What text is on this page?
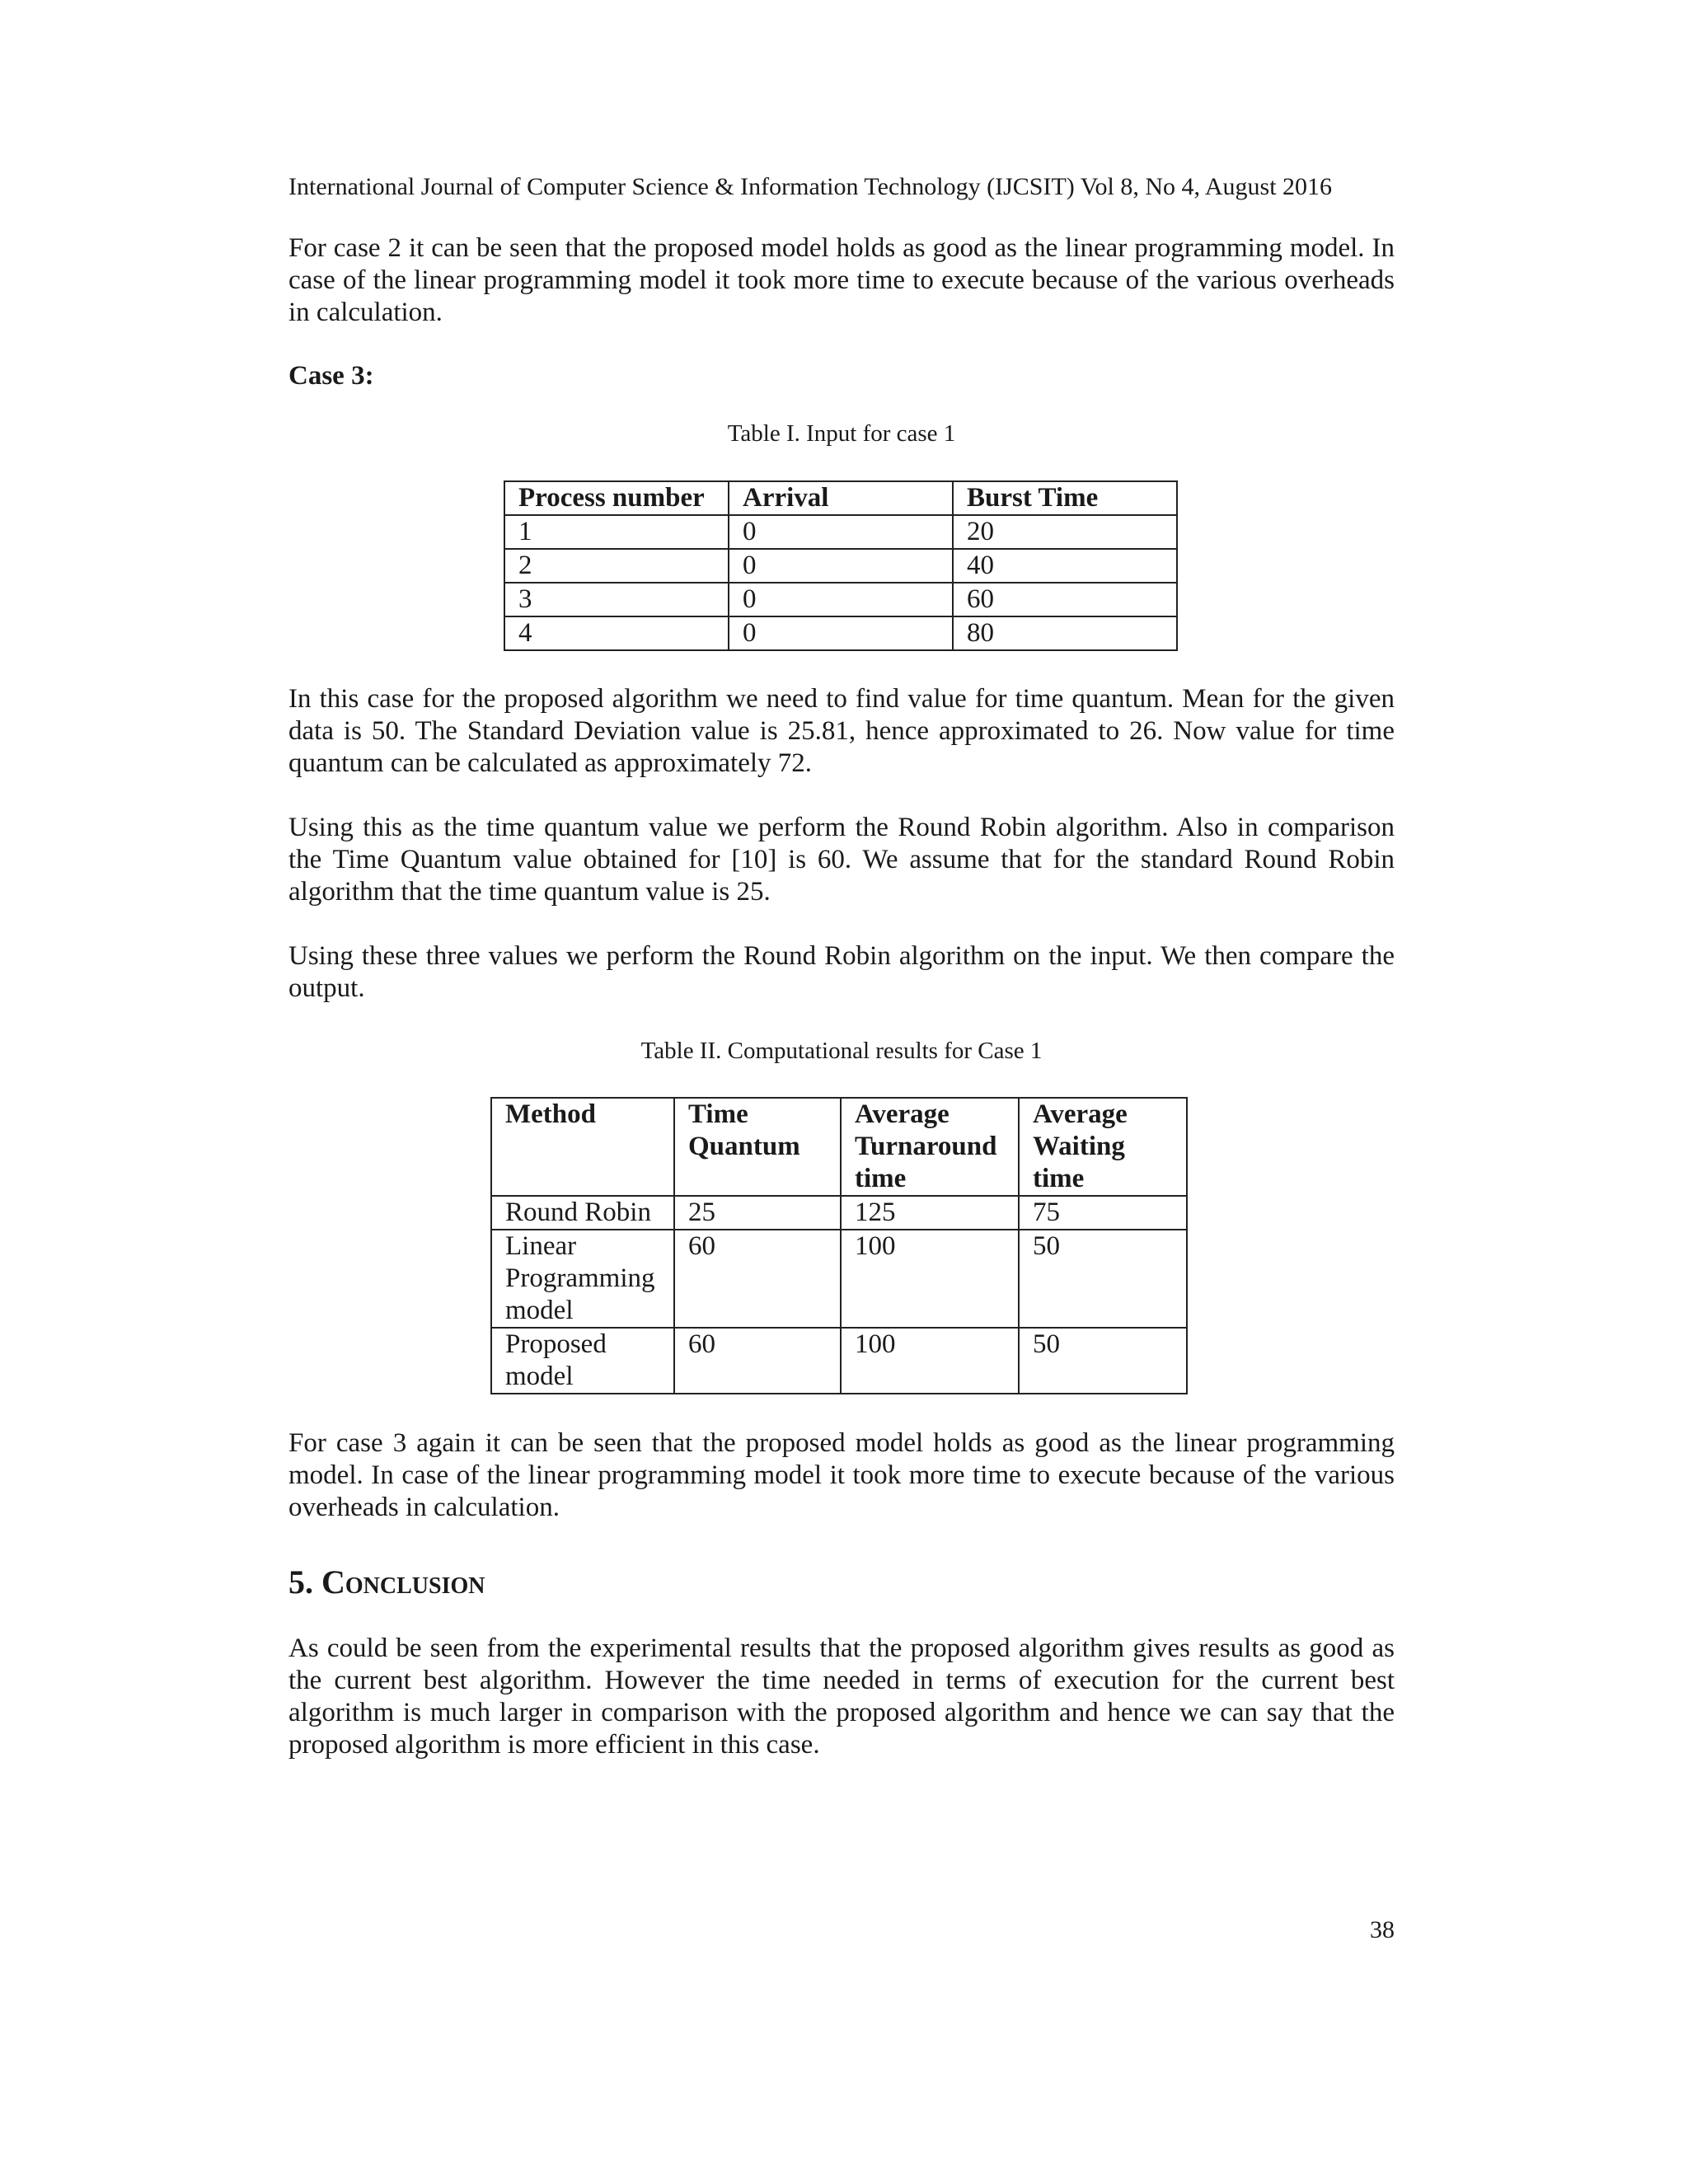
International Journal of Computer Science & Information Technology (IJCSIT) Vol 8, No 4, August 2016

For case 2 it can be seen that the proposed model holds as good as the linear programming model. In case of the linear programming model it took more time to execute because of the various overheads in calculation.

Case 3:
Table I. Input for case 1
Process number	Arrival	Burst Time
1	0	20
2	0	40
3	0	60
4	0	80

In this case for the proposed algorithm we need to find value for time quantum. Mean for the given data is 50. The Standard Deviation value is 25.81, hence approximated to 26. Now value for time quantum can be calculated as approximately 72.

Using this as the time quantum value we perform the Round Robin algorithm. Also in comparison the Time Quantum value obtained for [10] is 60. We assume that for the standard Round Robin algorithm that the time quantum value is 25.

Using these three values we perform the Round Robin algorithm on the input. We then compare the output.

Table II. Computational results for Case 1
Method	Time Quantum	Average Turnaround time	Average Waiting time
Round Robin	25	125	75
Linear Programming model	60	100	50
Proposed model	60	100	50

For case 3 again it can be seen that the proposed model holds as good as the linear programming model. In case of the linear programming model it took more time to execute because of the various overheads in calculation.

5. Conclusion

As could be seen from the experimental results that the proposed algorithm gives results as good as the current best algorithm. However the time needed in terms of execution for the current best algorithm is much larger in comparison with the proposed algorithm and hence we can say that the proposed algorithm is more efficient in this case.

38
